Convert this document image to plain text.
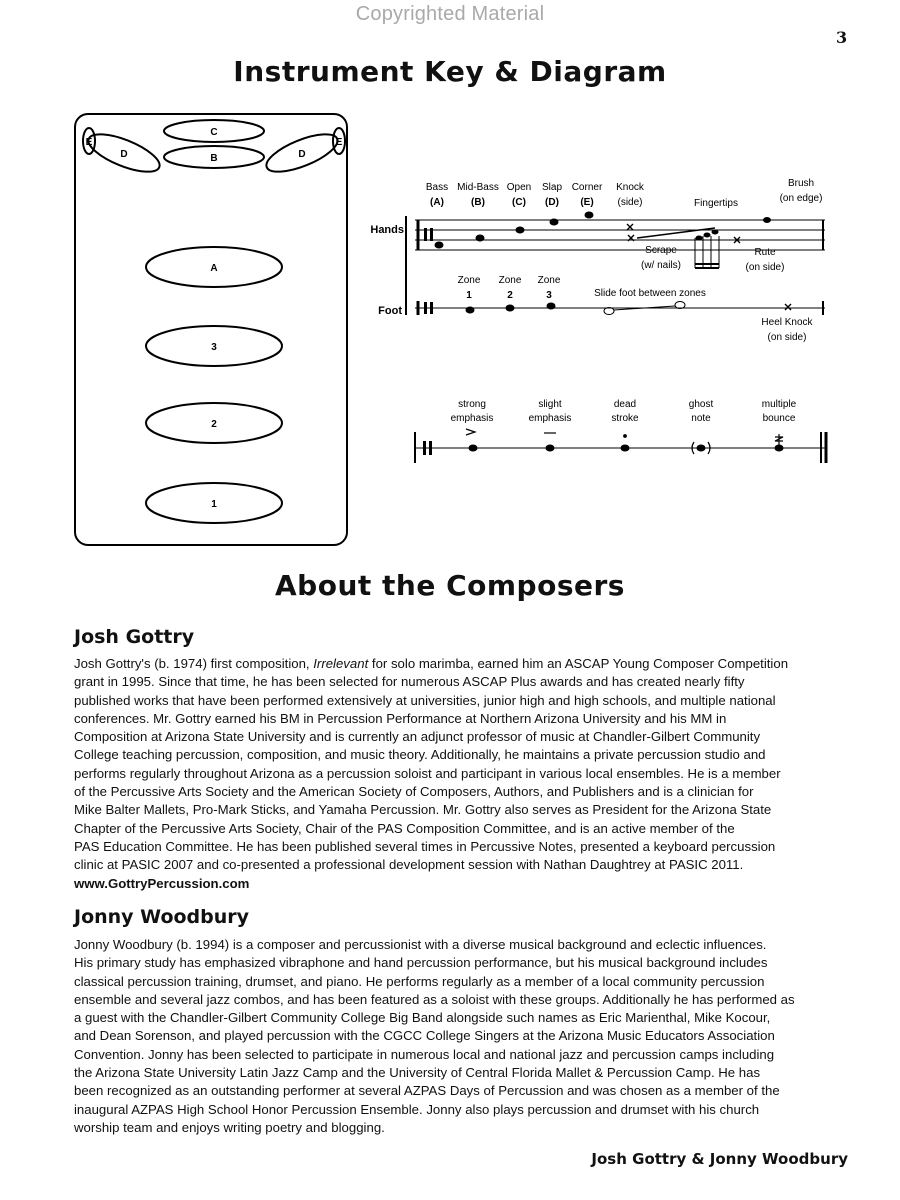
Copyrighted Material
3
Instrument Key & Diagram
E	E
C
B
D	D
A
3
2
1
Bass
(A)
Mid-Bass
(B)
Open
(C)
Slap
(D)
Corner
(E)
Knock
(side)	Fingertips
Brush
(on edge)
Scrape
(w/ nails)
Rute
(on side)
Zone
1
Zone
2
Zone
3	Slide foot between zones
Heel Knock
(on side)
strong
emphasis
slight
emphasis
dead
stroke
ghost
note
multiple
bounce
Hands
Foot
About the Composers
Josh Gottry

Josh Gottry's (b. 1974) first composition, Irrelevant for solo marimba, earned him an ASCAP Young Composer Competition
grant in 1995. Since that time, he has been selected for numerous ASCAP Plus awards and has created nearly fifty
published works that have been performed extensively at universities, junior high and high schools, and multiple national
conferences. Mr. Gottry earned his BM in Percussion Performance at Northern Arizona University and his MM in
Composition at Arizona State University and is currently an adjunct professor of music at Chandler-Gilbert Community
College teaching percussion, composition, and music theory. Additionally, he maintains a private percussion studio and
performs regularly throughout Arizona as a percussion soloist and participant in various local ensembles. He is a member
of the Percussive Arts Society and the American Society of Composers, Authors, and Publishers and is a clinician for
Mike Balter Mallets, Pro-Mark Sticks, and Yamaha Percussion. Mr. Gottry also serves as President for the Arizona State
Chapter of the Percussive Arts Society, Chair of the PAS Composition Committee, and is an active member of the
PAS Education Committee. He has been published several times in Percussive Notes, presented a keyboard percussion
clinic at PASIC 2007 and co-presented a professional development session with Nathan Daughtrey at PASIC 2011.
www.GottryPercussion.com

Jonny Woodbury

Jonny Woodbury (b. 1994) is a composer and percussionist with a diverse musical background and eclectic influences.
His primary study has emphasized vibraphone and hand percussion performance, but his musical background includes
classical percussion training, drumset, and piano. He performs regularly as a member of a local community percussion
ensemble and several jazz combos, and has been featured as a soloist with these groups. Additionally he has performed as
a guest with the Chandler-Gilbert Community College Big Band alongside such names as Eric Marienthal, Mike Kocour,
and Dean Sorenson, and played percussion with the CGCC College Singers at the Arizona Music Educators Association
Convention. Jonny has been selected to participate in numerous local and national jazz and percussion camps including
the Arizona State University Latin Jazz Camp and the University of Central Florida Mallet & Percussion Camp. He has
been recognized as an outstanding performer at several AZPAS Days of Percussion and was chosen as a member of the
inaugural AZPAS High School Honor Percussion Ensemble. Jonny also plays percussion and drumset with his church
worship team and enjoys writing poetry and blogging.

Josh Gottry & Jonny Woodbury
